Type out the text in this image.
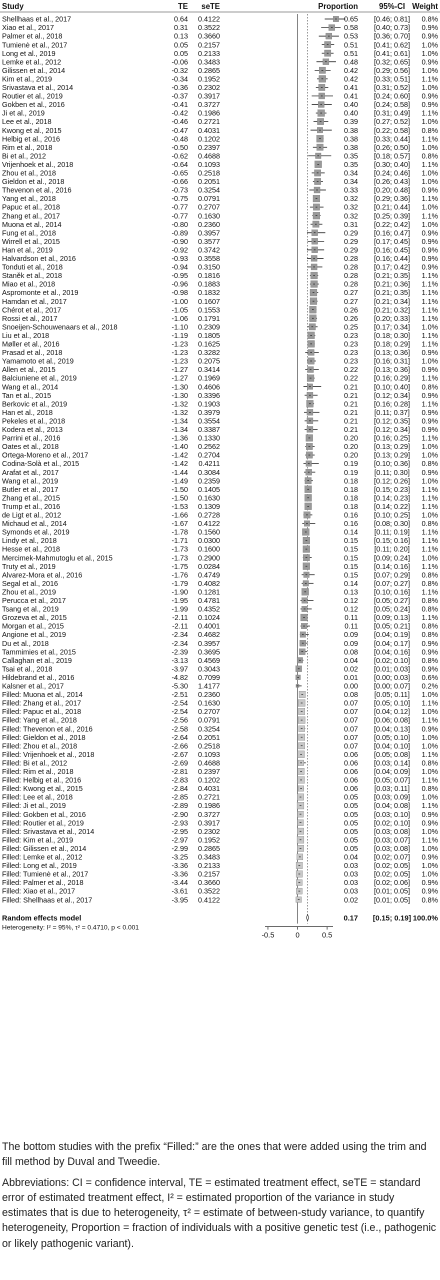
Study	TE seTE	Proportion	95%-CI Weight
Shellhaas et al., 2017	0.64 0.4122	0.65 [0.46; 0.81] 0.8%
Xiao et al., 2017	0.31 0.3522	0.58 [0.40; 0.73] 0.9%
Palmer et al., 2018	0.13 0.3660	0.53 [0.36; 0.70] 0.9%
Tumienė et al., 2017	0.05 0.2157	0.51 [0.41; 0.62] 1.0%
Long et al., 2019	0.05 0.2133	0.51 [0.41; 0.61] 1.0%
Lemke et al., 2012	-0.06 0.3483	0.48 [0.32; 0.65] 0.9%
Gilissen et al., 2014	-0.32 0.2865	0.42 [0.29; 0.56] 1.0%
Kim et al., 2019	-0.34 0.1952	0.42 [0.33; 0.51] 1.1%
Srivastava et al., 2014	-0.36 0.2302	0.41 [0.31; 0.52] 1.0%
Routier et al., 2019	-0.37 0.3917	0.41 [0.24; 0.60] 0.9%
Gokben et al., 2016	-0.41 0.3727	0.40 [0.24; 0.58] 0.9%
Ji et al., 2019	-0.42 0.1986	0.40 [0.31; 0.49] 1.1%
Lee et al., 2018	-0.46 0.2721	0.39 [0.27; 0.52] 1.0%
Kwong et al., 2015	-0.47 0.4031	0.38 [0.22; 0.58] 0.8%
Helbig et al., 2016	-0.48 0.1202	0.38 [0.33; 0.44] 1.1%
Rim et al., 2018	-0.50 0.2397	0.38 [0.26; 0.50] 1.0%
Bi et al., 2012	-0.62 0.4688	0.35 [0.18; 0.57] 0.8%
Vrijenhoek et al., 2018	-0.64 0.1093	0.35 [0.30; 0.40] 1.1%
Zhou et al., 2018	-0.65 0.2518	0.34 [0.24; 0.46] 1.0%
Gieldon et al., 2018	-0.66 0.2051	0.34 [0.26; 0.43] 1.0%
Thevenon et al., 2016	-0.73 0.3254	0.33 [0.20; 0.48] 0.9%
Yang et al., 2018	-0.75 0.0791	0.32 [0.29; 0.36] 1.1%
Papuc et al., 2018	-0.77 0.2707	0.32 [0.21; 0.44] 1.0%
Zhang et al., 2017	-0.77 0.1630	0.32 [0.25; 0.39] 1.1%
Muona et al., 2014	-0.80 0.2360	0.31 [0.22; 0.42] 1.0%
Fung et al., 2018	-0.89 0.3957	0.29 [0.16; 0.47] 0.9%
Wirrell et al., 2015	-0.90 0.3577	0.29 [0.17; 0.45] 0.9%
Han et al., 2019	-0.92 0.3742	0.29 [0.16; 0.45] 0.9%
Halvardson et al., 2016	-0.93 0.3558	0.28 [0.16; 0.44] 0.9%
Tonduti et al., 2018	-0.94 0.3150	0.28 [0.17; 0.42] 0.9%
Staněk et al., 2018	-0.95 0.1816	0.28 [0.21; 0.35] 1.1%
Miao et al., 2018	-0.96 0.1883	0.28 [0.21; 0.36] 1.1%
Aspromonte et al., 2019	-0.98 0.1832	0.27 [0.21; 0.35] 1.1%
Hamdan et al., 2017	-1.00 0.1607	0.27 [0.21; 0.34] 1.1%
Chérot et al., 2017	-1.05 0.1553	0.26 [0.21; 0.32] 1.1%
Rossi et al., 2017	-1.06 0.1791	0.26 [0.20; 0.33] 1.1%
Snoeijen-Schouwenaars et al., 2018	-1.10 0.2309	0.25 [0.17; 0.34] 1.0%
Liu et al., 2018	-1.19 0.1805	0.23 [0.18; 0.30] 1.1%
Møller et al., 2016	-1.23 0.1625	0.23 [0.18; 0.29] 1.1%
Prasad et al., 2018	-1.23 0.3282	0.23 [0.13; 0.36] 0.9%
Yamamoto et al., 2019	-1.23 0.2075	0.23 [0.16; 0.31] 1.0%
Allen et al., 2015	-1.27 0.3414	0.22 [0.13; 0.36] 0.9%
Balciuniene et al., 2019	-1.27 0.1969	0.22 [0.16; 0.29] 1.1%
Wang et al., 2014	-1.30 0.4606	0.21 [0.10; 0.40] 0.8%
Tan et al., 2015	-1.30 0.3396	0.21 [0.12; 0.34] 0.9%
Berkovic et al., 2019	-1.32 0.1903	0.21 [0.16; 0.28] 1.1%
Han et al., 2018	-1.32 0.3979	0.21 [0.11; 0.37] 0.9%
Pekeles et al., 2018	-1.34 0.3554	0.21 [0.12; 0.35] 0.9%
Kodera et al., 2013	-1.34 0.3387	0.21 [0.12; 0.34] 0.9%
Parrini et al., 2016	-1.36 0.1330	0.20 [0.16; 0.25] 1.1%
Oates et al., 2018	-1.40 0.2562	0.20 [0.13; 0.29] 1.0%
Ortega-Moreno et al., 2017	-1.42 0.2704	0.20 [0.13; 0.29] 1.0%
Codina-Solà et al., 2015	-1.42 0.4211	0.19 [0.10; 0.36] 0.8%
Arafat et al., 2017	-1.44 0.3084	0.19 [0.11; 0.30] 0.9%
Wang et al., 2019	-1.49 0.2359	0.18 [0.12; 0.26] 1.0%
Butler et al., 2017	-1.50 0.1405	0.18 [0.15; 0.23] 1.1%
Zhang et al., 2015	-1.50 0.1630	0.18 [0.14; 0.23] 1.1%
Trump et al., 2016	-1.53 0.1309	0.18 [0.14; 0.22] 1.1%
de Ligt et al., 2012	-1.66 0.2728	0.16 [0.10; 0.25] 1.0%
Michaud et al., 2014	-1.67 0.4122	0.16 [0.08; 0.30] 0.8%
Symonds et al., 2019	-1.78 0.1560	0.14 [0.11; 0.19] 1.1%
Lindy et al., 2018	-1.71 0.0300	0.15 [0.15; 0.16] 1.1%
Hesse et al., 2018	-1.73 0.1600	0.15 [0.11; 0.20] 1.1%
Mercimek-Mahmutoglu et al., 2015	-1.73 0.2900	0.15 [0.09; 0.24] 1.0%
Truty et al., 2019	-1.75 0.0284	0.15 [0.14; 0.16] 1.1%
Alvarez-Mora et al., 2016	-1.76 0.4749	0.15 [0.07; 0.29] 0.8%
Segal et al., 2016	-1.79 0.4082	0.14 [0.07; 0.27] 0.8%
Zhou et al., 2019	-1.90 0.1281	0.13 [0.10; 0.16] 1.1%
Perucca et al., 2017	-1.95 0.4781	0.12 [0.05; 0.27] 0.8%
Tsang et al., 2019	-1.99 0.4352	0.12 [0.05; 0.24] 0.8%
Grozeva et al., 2015	-2.11 0.1024	0.11 [0.09; 0.13] 1.1%
Morgan et al., 2015	-2.11 0.4001	0.11 [0.05; 0.21] 0.8%
Angione et al., 2019	-2.34 0.4682	0.09 [0.04; 0.19] 0.8%
Du et al., 2018	-2.34 0.3957	0.09 [0.04; 0.17] 0.9%
Tammimies et al., 2015	-2.39 0.3695	0.08 [0.04; 0.16] 0.9%
Callaghan et al., 2019	-3.13 0.4569	0.04 [0.02; 0.10] 0.8%
Tsai et al., 2018	-3.97 0.3043	0.02 [0.01; 0.03] 0.9%
Hildebrand et al., 2016	-4.82 0.7099	0.01 [0.00; 0.03] 0.6%
Kalsner et al., 2017	-5.30 1.4177	0.00 [0.00; 0.07] 0.2%
Filled: Muona et al., 2014	-2.51 0.2360	0.08 [0.05; 0.11] 1.0%
Filled: Zhang et al., 2017	-2.54 0.1630	0.07 [0.05; 0.10] 1.1%
Filled: Papuc et al., 2018	-2.54 0.2707	0.07 [0.04; 0.12] 1.0%
Filled: Yang et al., 2018	-2.56 0.0791	0.07 [0.06; 0.08] 1.1%
Filled: Thevenon et al., 2016	-2.58 0.3254	0.07 [0.04; 0.13] 0.9%
Filled: Gieldon et al., 2018	-2.64 0.2051	0.07 [0.05; 0.10] 1.0%
Filled: Zhou et al., 2018	-2.66 0.2518	0.07 [0.04; 0.10] 1.0%
Filled: Vrijenhoek et al., 2018	-2.67 0.1093	0.06 [0.05; 0.08] 1.1%
Filled: Bi et al., 2012	-2.69 0.4688	0.06 [0.03; 0.14] 0.8%
Filled: Rim et al., 2018	-2.81 0.2397	0.06 [0.04; 0.09] 1.0%
Filled: Helbig et al., 2016	-2.83 0.1202	0.06 [0.05; 0.07] 1.1%
Filled: Kwong et al., 2015	-2.84 0.4031	0.06 [0.03; 0.11] 0.8%
Filled: Lee et al., 2018	-2.85 0.2721	0.05 [0.03; 0.09] 1.0%
Filled: Ji et al., 2019	-2.89 0.1986	0.05 [0.04; 0.08] 1.1%
Filled: Gokben et al., 2016	-2.90 0.3727	0.05 [0.03; 0.10] 0.9%
Filled: Routier et al., 2019	-2.93 0.3917	0.05 [0.02; 0.10] 0.9%
Filled: Srivastava et al., 2014	-2.95 0.2302	0.05 [0.03; 0.08] 1.0%
Filled: Kim et al., 2019	-2.97 0.1952	0.05 [0.03; 0.07] 1.1%
Filled: Gilissen et al., 2014	-2.99 0.2865	0.05 [0.03; 0.08] 1.0%
Filled: Lemke et al., 2012	-3.25 0.3483	0.04 [0.02; 0.07] 0.9%
Filled: Long et al., 2019	-3.36 0.2133	0.03 [0.02; 0.05] 1.0%
Filled: Tumienė et al., 2017	-3.36 0.2157	0.03 [0.02; 0.05] 1.0%
Filled: Palmer et al., 2018	-3.44 0.3660	0.03 [0.02; 0.06] 0.9%
Filled: Xiao et al., 2017	-3.61 0.3522	0.03 [0.01; 0.05] 0.9%
Filled: Shellhaas et al., 2017	-3.95 0.4122	0.02 [0.01; 0.05] 0.8%
Random effects model	0.17 [0.15; 0.19] 100.0%
Heterogeneity: I² = 95%, τ² = 0.4710, p < 0.001
-0.5	0	0.5

The bottom studies with the prefix “Filled:” are the ones that were added using the trim and fill method by Duval and Tweedie.

Abbreviations: CI = confidence interval, TE = estimated treatment effect, seTE = standard error of estimated treatment effect, I² = estimated proportion of the variance in study estimates that is due to heterogeneity, τ² = estimate of between-study variance, to quantify heterogeneity, Proportion = fraction of individuals with a positive genetic test (i.e., pathogenic or likely pathogenic variant).
